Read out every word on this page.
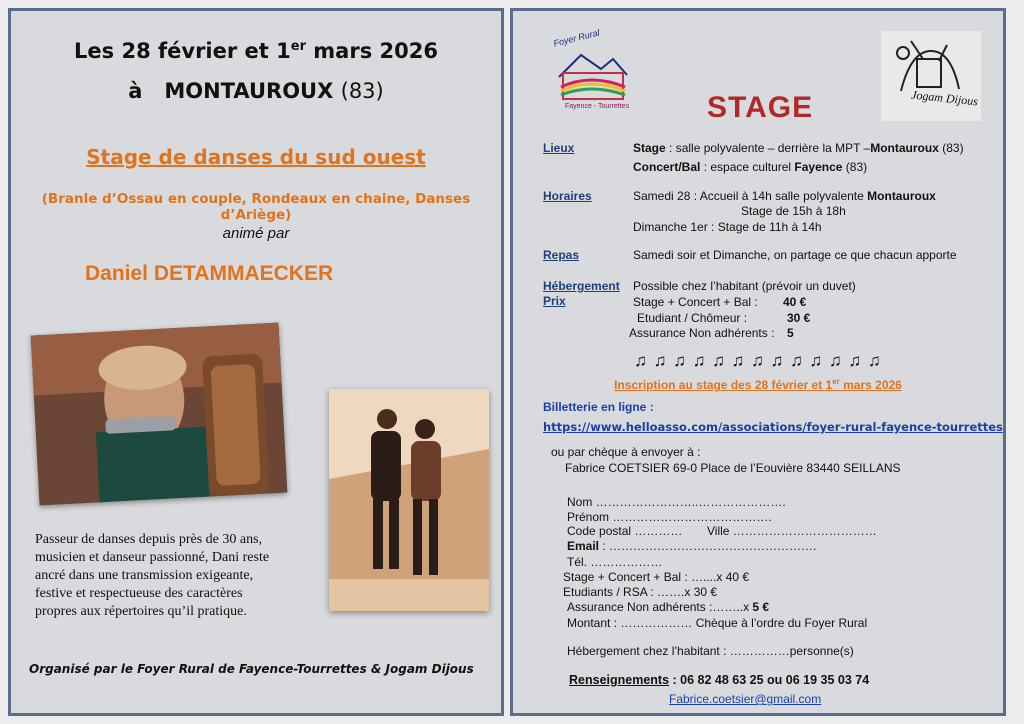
Les 28 février et 1er mars 2026
à MONTAUROUX (83)
Stage de danses du sud ouest
(Branle d’Ossau en couple, Rondeaux en chaine, Danses d’Ariège)
animé par
Daniel DETAMMAECKER
Passeur de danses depuis près de 30 ans,
musicien et danseur passionné, Dani reste
ancré dans une transmission exigeante,
festive et respectueuse des caractères
propres aux répertoires qu’il pratique.
Organisé par le Foyer Rural de Fayence-Tourrettes & Jogam Dijous
Foyer Rural
Fayence - Tourrettes	Jogam Dijous
STAGE
Lieux	Stage : salle polyvalente – derrière la MPT –Montauroux (83)
Concert/Bal : espace culturel Fayence (83)
Horaires	Samedi 28 : Accueil à 14h salle polyvalente Montauroux
Stage de 15h à 18h
Dimanche 1er : Stage de 11h à 14h
Repas	Samedi soir et Dimanche, on partage ce que chacun apporte
Hébergement Possible chez l’habitant (prévoir un duvet)
Prix	Stage + Concert + Bal : 40 €
Etudiant / Chômeur :	30 €
Assurance Non adhérents : 5
♫ ♫ ♫ ♫ ♫ ♫ ♫ ♫ ♫ ♫ ♫ ♫ ♫
Inscription au stage des 28 février et 1er mars 2026
Billetterie en ligne :
https://www.helloasso.com/associations/foyer-rural-fayence-tourrettes
ou par chèque à envoyer à :
Fabrice COETSIER 69-0 Place de l’Eouvière 83440 SEILLANS
Nom ……………………..………………….
Prénom ………………………………….
Code postal ………… Ville ………………………………
Email : …………………………………………….
Tél. ………………
Stage + Concert + Bal : …....x 40 €
Etudiants / RSA : …….x 30 €
Assurance Non adhérents :……..x 5 €
Montant : ……………… Chèque à l’ordre du Foyer Rural
Hébergement chez l’habitant : ……………personne(s)
Renseignements : 06 82 48 63 25 ou 06 19 35 03 74
Fabrice.coetsier@gmail.com
